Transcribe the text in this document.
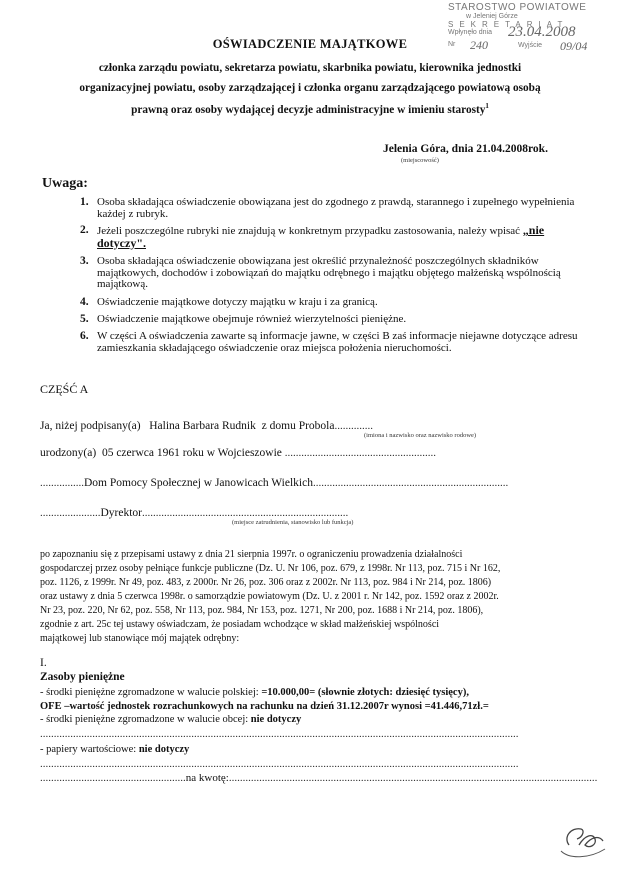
STAROSTWO POWIATOWE
w Jeleniej Górze
SEKRETARIAT
Wpłynęło dnia 23.04.2008
Nr 240	Wyjście 09/04
OŚWIADCZENIE MAJĄTKOWE
członka zarządu powiatu, sekretarza powiatu, skarbnika powiatu, kierownika jednostki
organizacyjnej powiatu, osoby zarządzającej i członka organu zarządzającego powiatową osobą
prawną oraz osoby wydającej decyzje administracyjne w imieniu starosty$^1$
Jelenia Góra, dnia 21.04.2008rok.
(miejscowość)
Uwaga:
1. Osoba składająca oświadczenie obowiązana jest do zgodnego z prawdą, starannego i zupełnego wypełnienia każdej z rubryk.
2. Jeżeli poszczególne rubryki nie znajdują w konkretnym przypadku zastosowania, należy wpisać „nie dotyczy".
3. Osoba składająca oświadczenie obowiązana jest określić przynależność poszczególnych składników majątkowych, dochodów i zobowiązań do majątku odrębnego i majątku objętego małżeńską wspólnością majątkową.
4. Oświadczenie majątkowe dotyczy majątku w kraju i za granicą.
5. Oświadczenie majątkowe obejmuje również wierzytelności pieniężne.
6. W części A oświadczenia zawarte są informacje jawne, w części B zaś informacje niejawne dotyczące adresu zamieszkania składającego oświadczenie oraz miejsca położenia nieruchomości.
CZĘŚĆ A
Ja, niżej podpisany(a) Halina Barbara Rudnik z domu Probola..............
(imiona i nazwisko oraz nazwisko rodowe)
urodzony(a) 05 czerwca 1961 roku w Wojcieszowie .......................................................
................Dom Pomocy Społecznej w Janowicach Wielkich.......................................................................
......................Dyrektor...........................................................................
(miejsce zatrudnienia, stanowisko lub funkcja)
po zapoznaniu się z przepisami ustawy z dnia 21 sierpnia 1997r. o ograniczeniu prowadzenia działalności
gospodarczej przez osoby pełniące funkcje publiczne (Dz. U. Nr 106, poz. 679, z 1998r. Nr 113, poz. 715 i Nr 162,
poz. 1126, z 1999r. Nr 49, poz. 483, z 2000r. Nr 26, poz. 306 oraz z 2002r. Nr 113, poz. 984 i Nr 214, poz. 1806)
oraz ustawy z dnia 5 czerwca 1998r. o samorządzie powiatowym (Dz. U. z 2001 r. Nr 142, poz. 1592 oraz z 2002r.
Nr 23, poz. 220, Nr 62, poz. 558, Nr 113, poz. 984, Nr 153, poz. 1271, Nr 200, poz. 1688 i Nr 214, poz. 1806),
zgodnie z art. 25c tej ustawy oświadczam, że posiadam wchodzące w skład małżeńskiej wspólności
majątkowej lub stanowiące mój majątek odrębny:
I.
Zasoby pieniężne
- środki pieniężne zgromadzone w walucie polskiej: =10.000,00= (słownie złotych: dziesięć tysięcy),
OFE –wartość jednostek rozrachunkowych na rachunku na dzień 31.12.2007r wynosi =41.446,71zł.=
- środki pieniężne zgromadzone w walucie obcej: nie dotyczy
..............................................................................................................................................................................
- papiery wartościowe: nie dotyczy
..............................................................................................................................................................................
.....................................................na kwotę:......................................................................................................................................
